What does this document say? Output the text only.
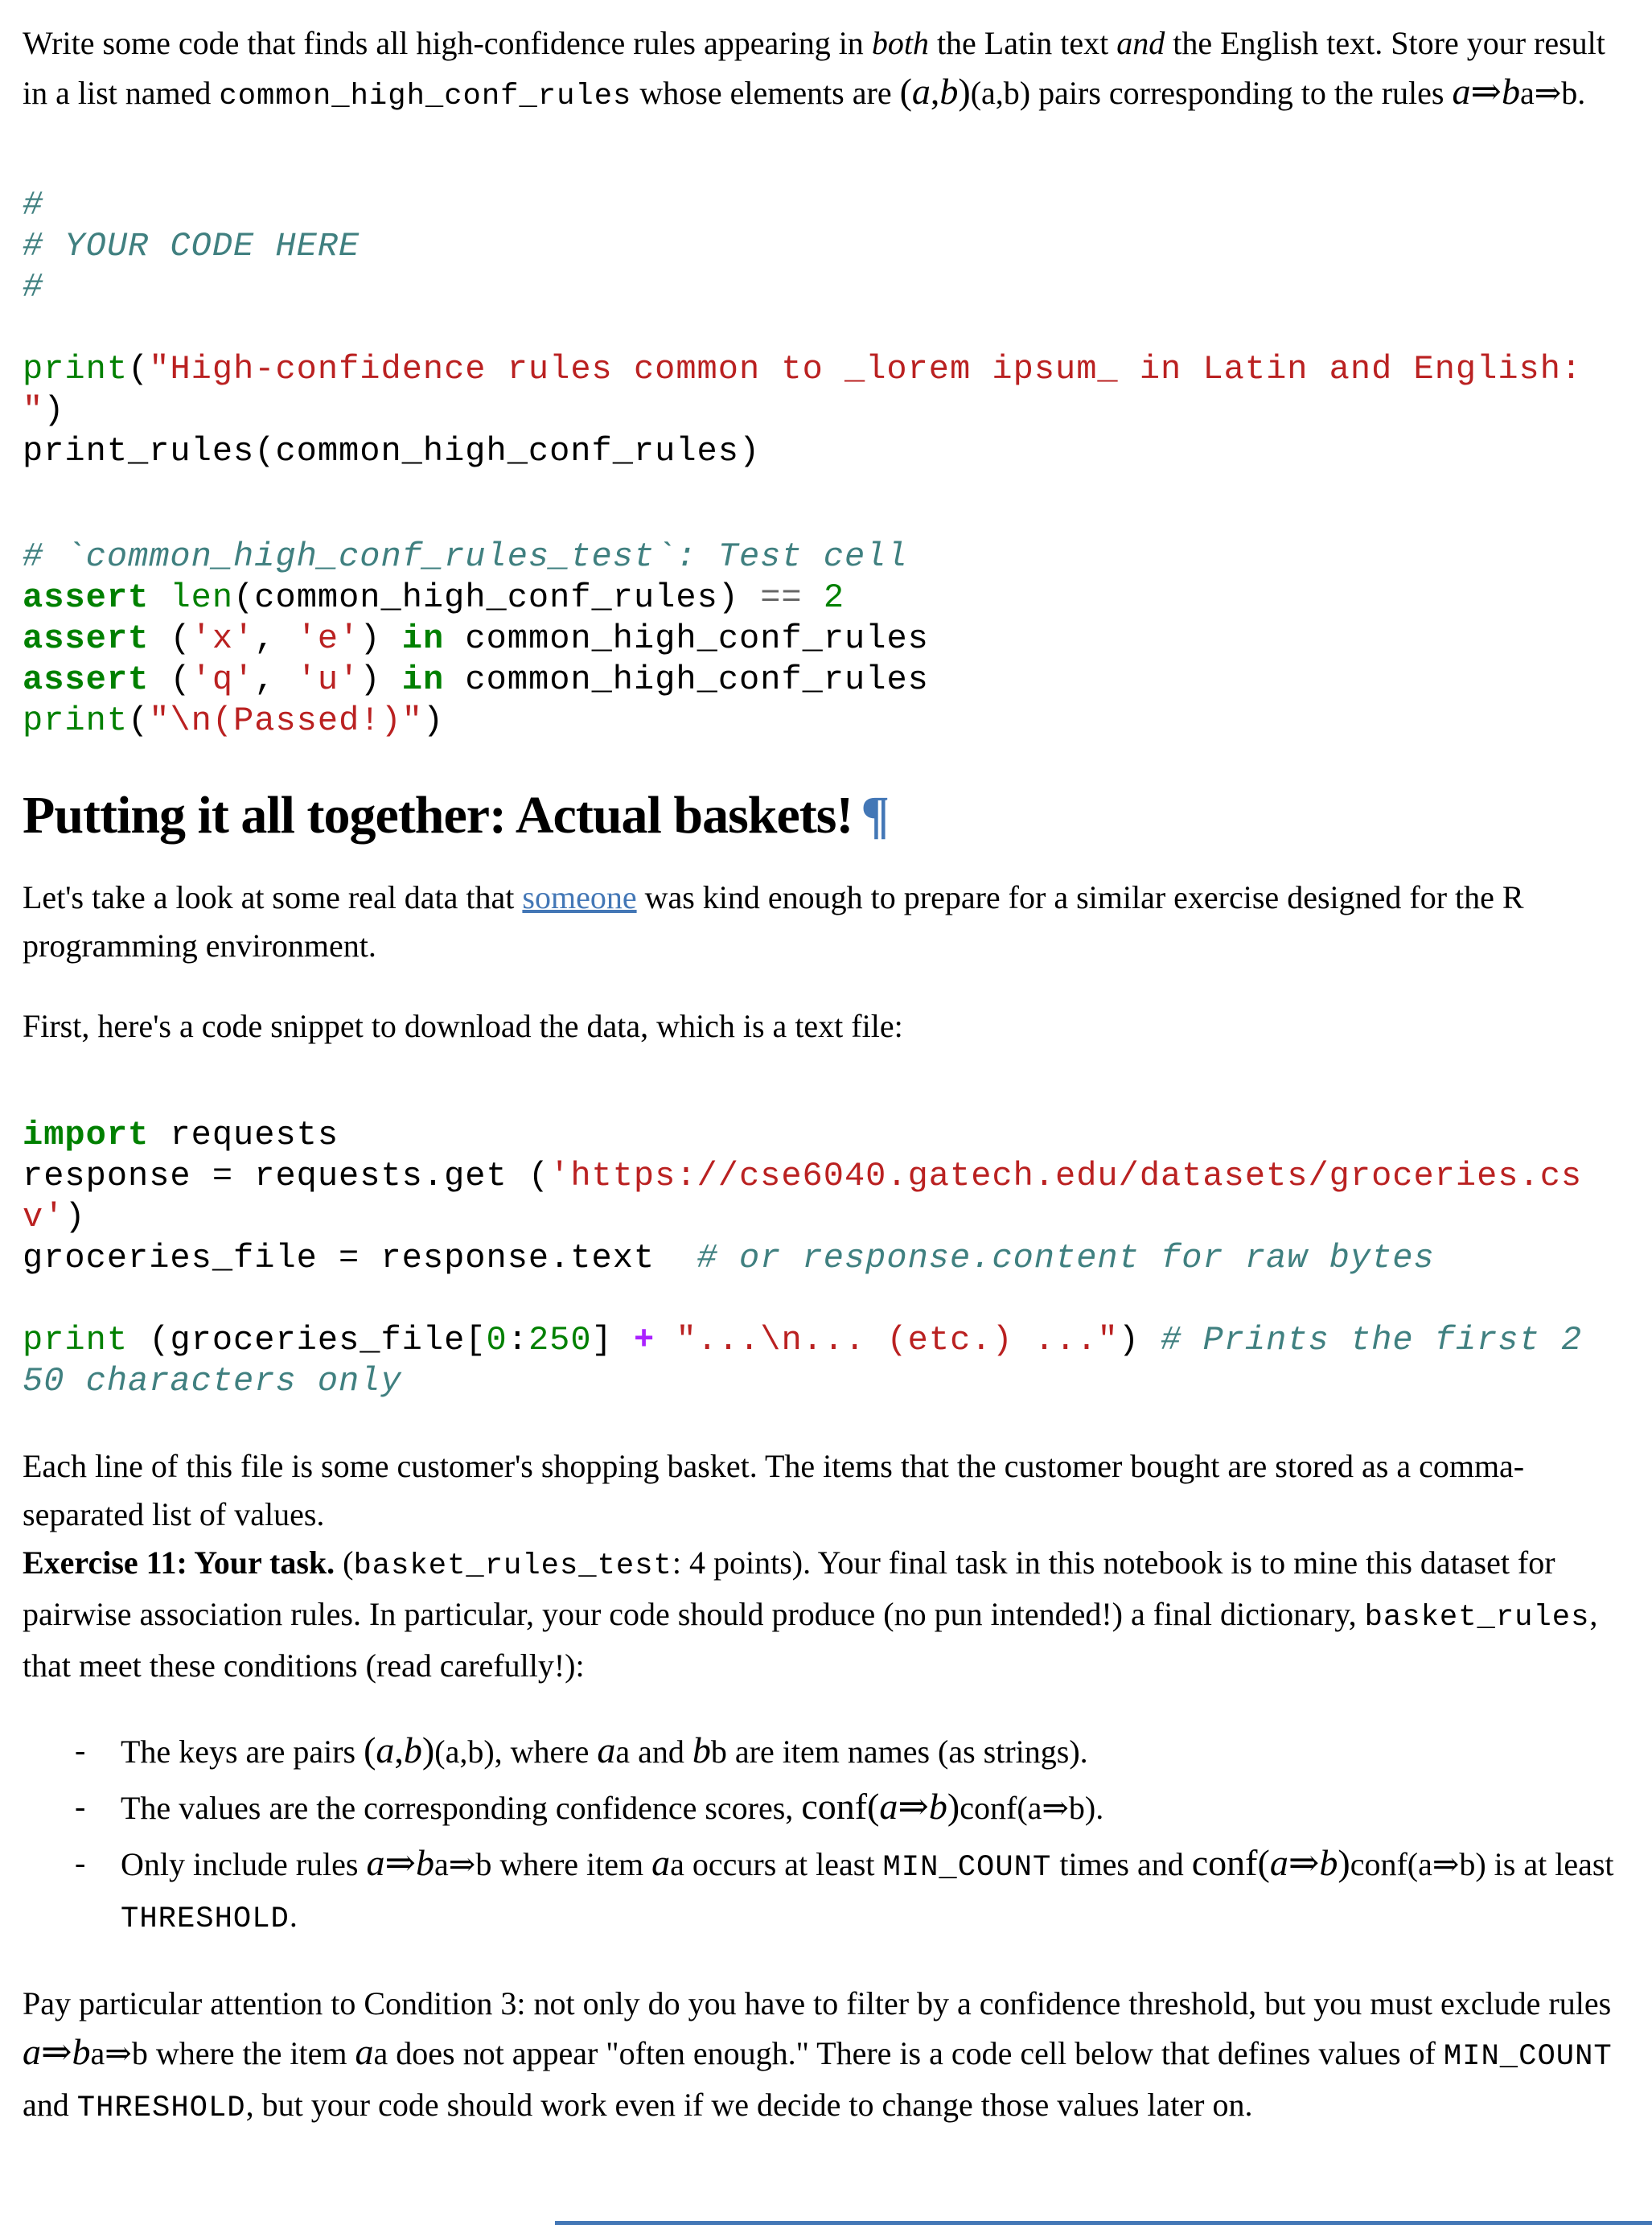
Write some code that finds all high-confidence rules appearing in both the Latin text and the English text. Store your result in a list named common_high_conf_rules whose elements are (a,b)(a,b) pairs corresponding to the rules a⇒ba⇒b.

#
# YOUR CODE HERE
#

print("High-confidence rules common to _lorem ipsum_ in Latin and English:
")
print_rules(common_high_conf_rules)
# `common_high_conf_rules_test`: Test cell
assert len(common_high_conf_rules) == 2
assert ('x', 'e') in common_high_conf_rules
assert ('q', 'u') in common_high_conf_rules
print("\n(Passed!)")
Putting it all together: Actual baskets! ¶

Let's take a look at some real data that someone was kind enough to prepare for a similar exercise designed for the R programming environment.

First, here's a code snippet to download the data, which is a text file:

import requests
response = requests.get ('https://cse6040.gatech.edu/datasets/groceries.cs
v')
groceries_file = response.text  # or response.content for raw bytes

print (groceries_file[0:250] + "...\n... (etc.) ...") # Prints the first 2
50 characters only

Each line of this file is some customer's shopping basket. The items that the customer bought are stored as a comma-separated list of values.

Exercise 11: Your task. (basket_rules_test: 4 points). Your final task in this notebook is to mine this dataset for pairwise association rules. In particular, your code should produce (no pun intended!) a final dictionary, basket_rules, that meet these conditions (read carefully!):

- The keys are pairs (a,b)(a,b), where aa and bb are item names (as strings).
- The values are the corresponding confidence scores, conf(a⇒b)conf(a⇒b).
- Only include rules a⇒ba⇒b where item aa occurs at least MIN_COUNT times and conf(a⇒b)conf(a⇒b) is at least THRESHOLD.

Pay particular attention to Condition 3: not only do you have to filter by a confidence threshold, but you must exclude rules a⇒ba⇒b where the item aa does not appear "often enough." There is a code cell below that defines values of MIN_COUNT and THRESHOLD, but your code should work even if we decide to change those values later on.
